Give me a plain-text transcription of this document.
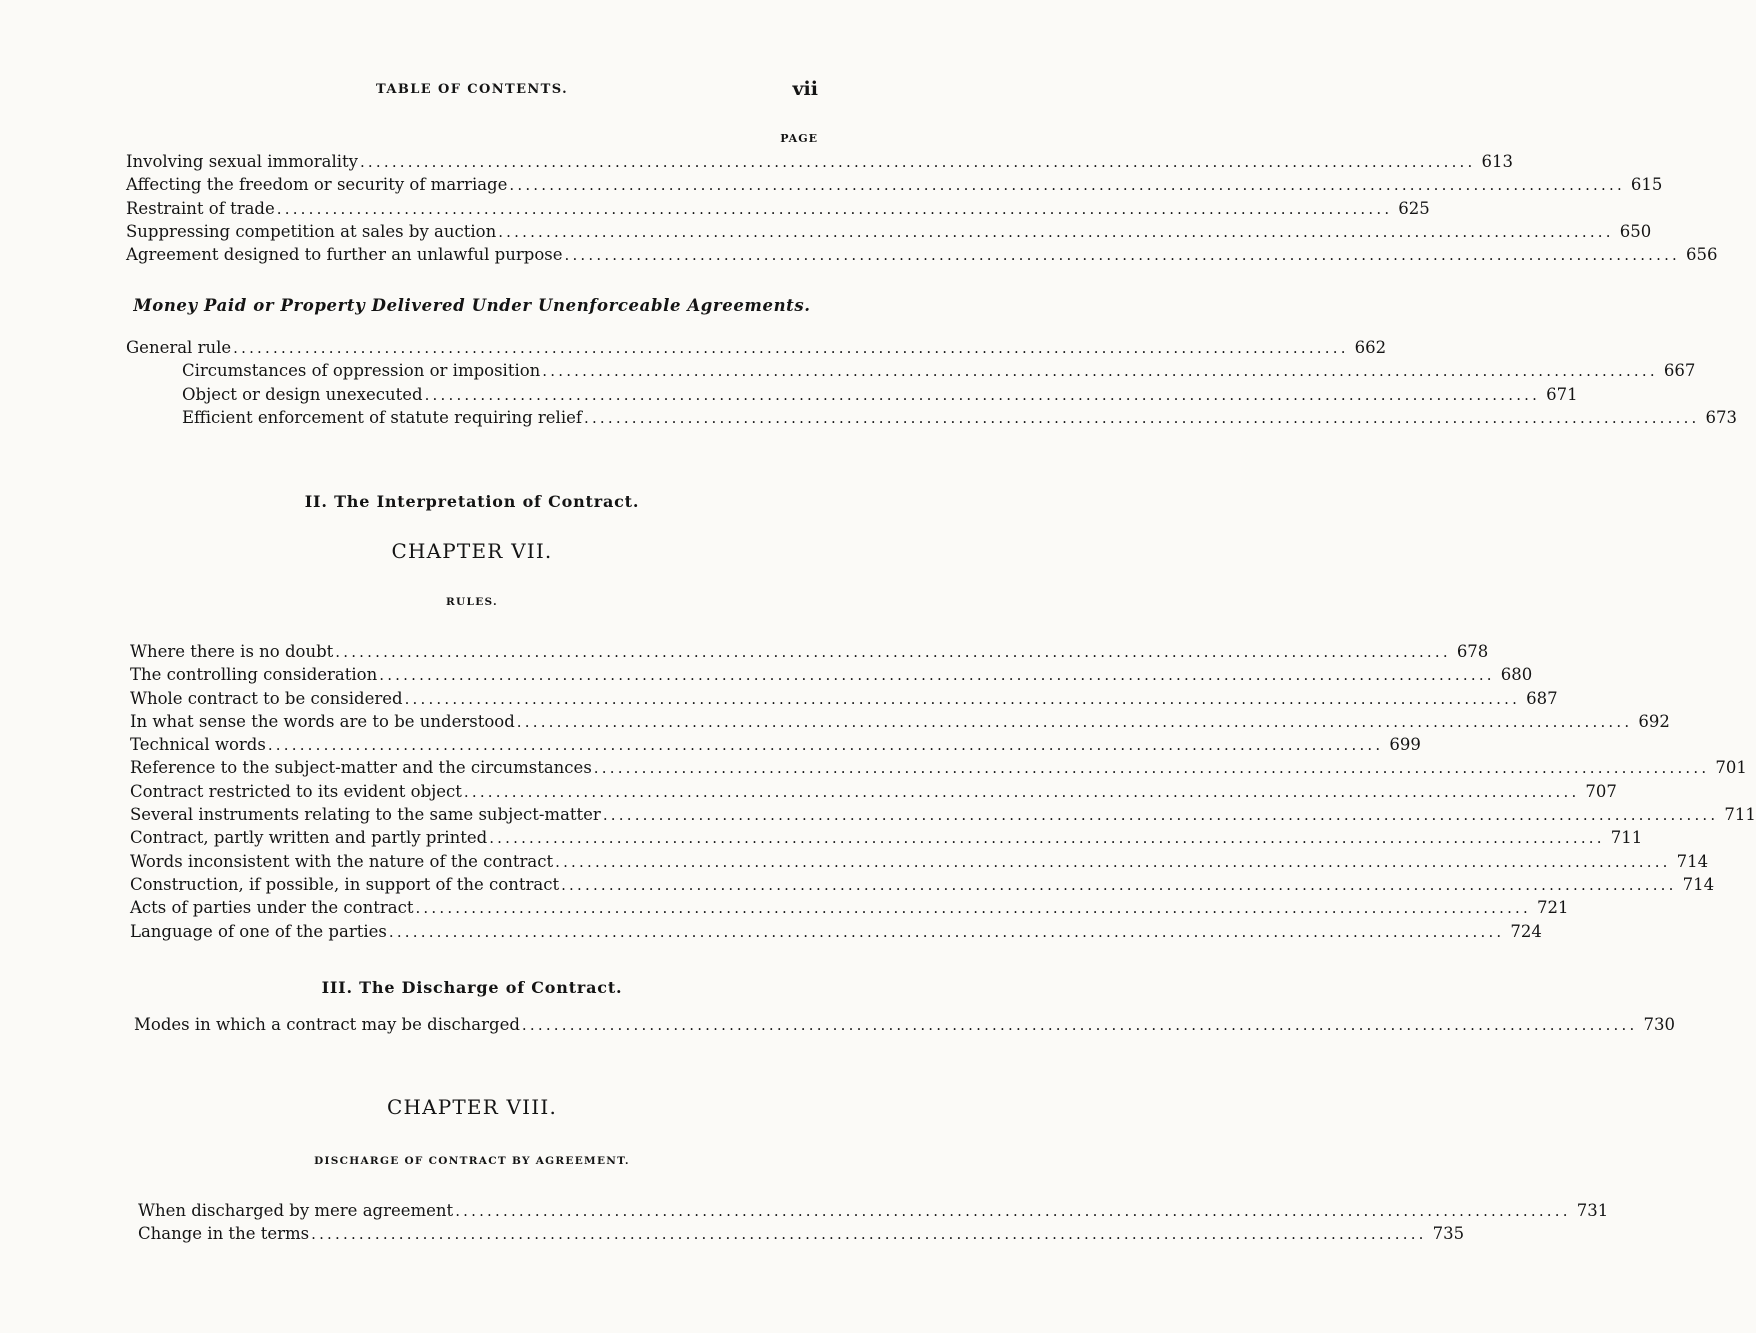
TABLE OF CONTENTS.	vii
PAGE
Involving sexual immorality ............................................................................................................................................ 613
Affecting the freedom or security of marriage ............................................................................................................................................ 615
Restraint of trade ............................................................................................................................................ 625
Suppressing competition at sales by auction ............................................................................................................................................ 650
Agreement designed to further an unlawful purpose ............................................................................................................................................ 656
Money Paid or Property Delivered Under Unenforceable Agreements.
General rule ............................................................................................................................................ 662
Circumstances of oppression or imposition ............................................................................................................................................ 667
Object or design unexecuted ............................................................................................................................................ 671
Efficient enforcement of statute requiring relief ............................................................................................................................................ 673
II. The Interpretation of Contract.
CHAPTER VII.
RULES.
Where there is no doubt ............................................................................................................................................ 678
The controlling consideration ............................................................................................................................................ 680
Whole contract to be considered ............................................................................................................................................ 687
In what sense the words are to be understood ............................................................................................................................................ 692
Technical words ............................................................................................................................................ 699
Reference to the subject-matter and the circumstances ............................................................................................................................................ 701
Contract restricted to its evident object ............................................................................................................................................ 707
Several instruments relating to the same subject-matter ............................................................................................................................................ 711
Contract, partly written and partly printed ............................................................................................................................................ 711
Words inconsistent with the nature of the contract ............................................................................................................................................ 714
Construction, if possible, in support of the contract ............................................................................................................................................ 714
Acts of parties under the contract ............................................................................................................................................ 721
Language of one of the parties ............................................................................................................................................ 724
III. The Discharge of Contract.
Modes in which a contract may be discharged ............................................................................................................................................ 730
CHAPTER VIII.
DISCHARGE OF CONTRACT BY AGREEMENT.
When discharged by mere agreement ............................................................................................................................................ 731
Change in the terms ............................................................................................................................................ 735
